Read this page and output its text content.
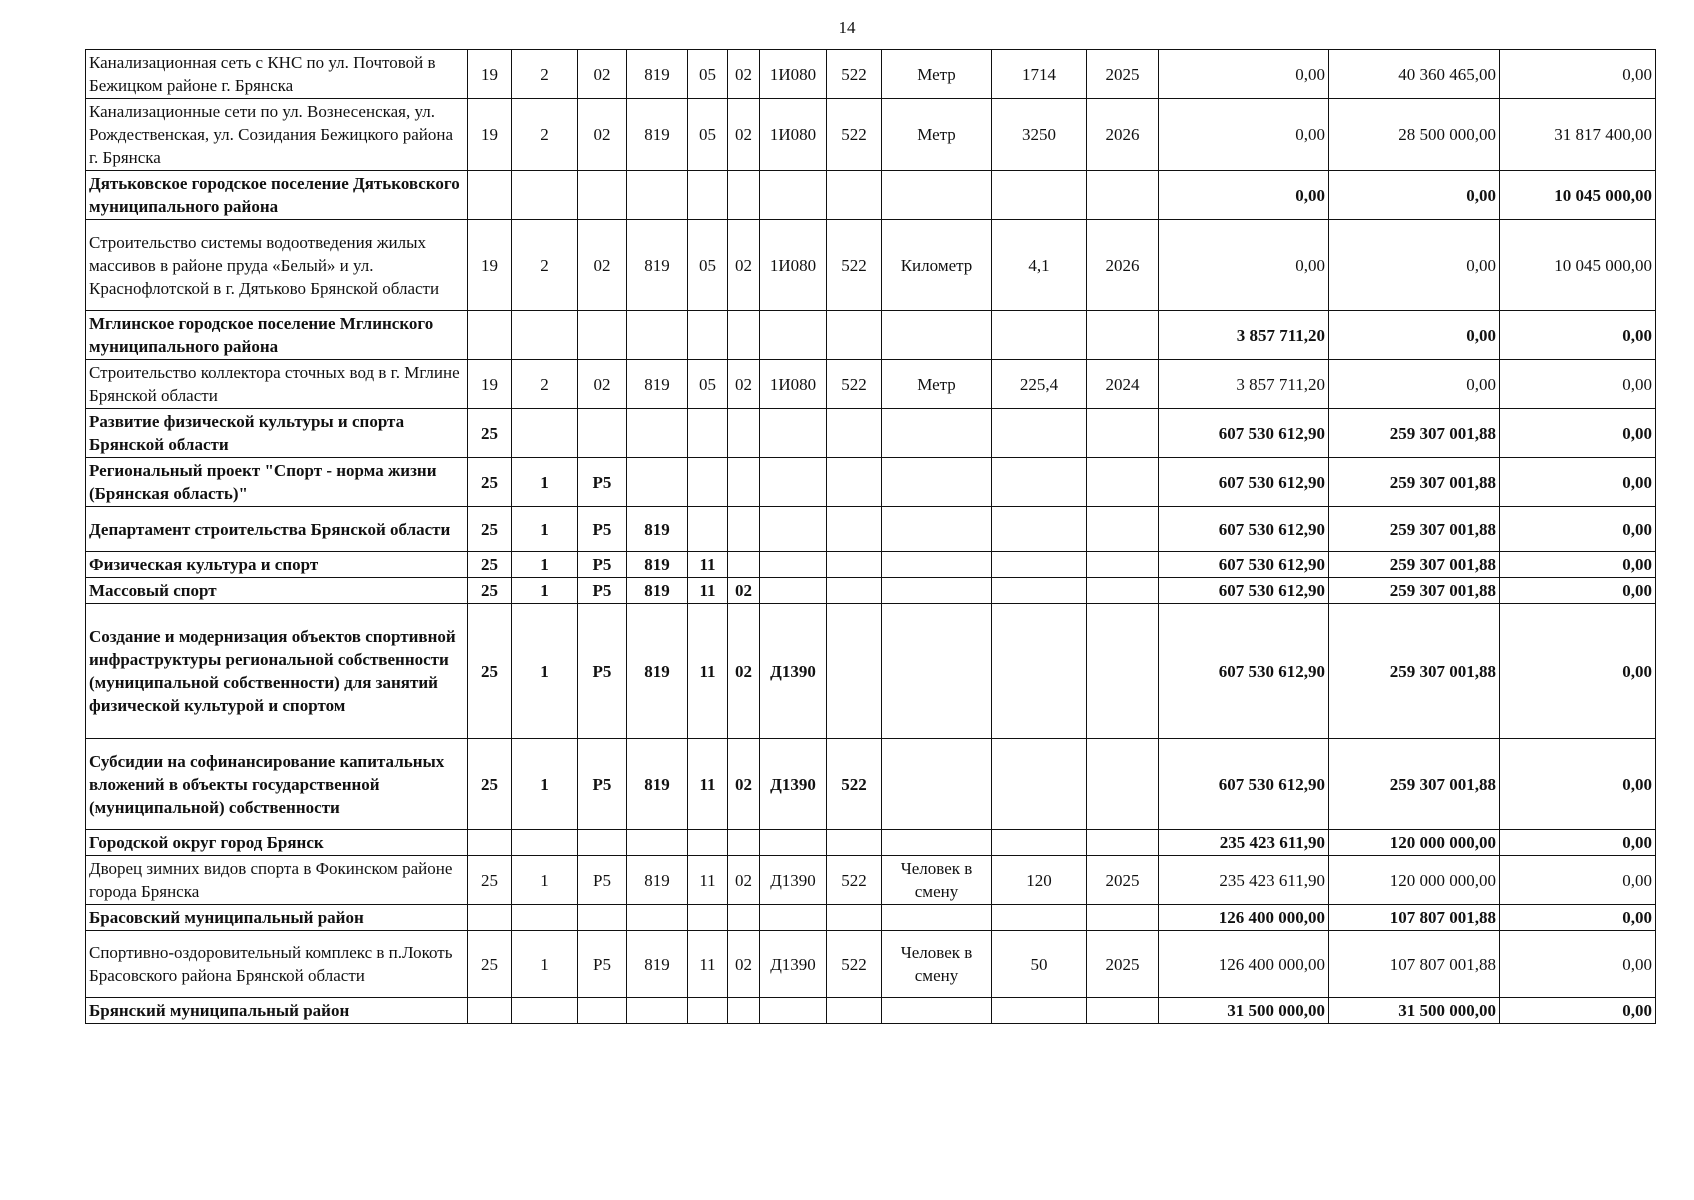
14
Канализационная сеть с КНС по ул. Почтовой в Бежицком районе г. Брянска	19	2	02	819	05	02	1И080	522	Метр	1714	2025	0,00	40 360 465,00	0,00
Канализационные сети по ул. Вознесенская, ул. Рождественская, ул. Созидания Бежицкого района г. Брянска	19	2	02	819	05	02	1И080	522	Метр	3250	2026	0,00	28 500 000,00	31 817 400,00
Дятьковское городское поселение Дятьковского муниципального района												0,00	0,00	10 045 000,00
Строительство системы водоотведения жилых массивов в районе пруда «Белый» и ул. Краснофлотской в г. Дятьково Брянской области	19	2	02	819	05	02	1И080	522	Километр	4,1	2026	0,00	0,00	10 045 000,00
Мглинское городское поселение Мглинского муниципального района												3 857 711,20	0,00	0,00
Строительство коллектора сточных вод в г. Мглине Брянской области	19	2	02	819	05	02	1И080	522	Метр	225,4	2024	3 857 711,20	0,00	0,00
Развитие физической культуры и спорта Брянской области	25											607 530 612,90	259 307 001,88	0,00
Региональный проект "Спорт - норма жизни (Брянская область)"	25	1	Р5									607 530 612,90	259 307 001,88	0,00
Департамент строительства Брянской области	25	1	Р5	819								607 530 612,90	259 307 001,88	0,00
Физическая культура и спорт	25	1	Р5	819	11							607 530 612,90	259 307 001,88	0,00
Массовый спорт	25	1	Р5	819	11	02						607 530 612,90	259 307 001,88	0,00
Создание и модернизация объектов спортивной инфраструктуры региональной собственности (муниципальной собственности) для занятий физической культурой и спортом	25	1	Р5	819	11	02	Д1390					607 530 612,90	259 307 001,88	0,00
Субсидии на софинансирование капитальных вложений в объекты государственной (муниципальной) собственности	25	1	Р5	819	11	02	Д1390	522				607 530 612,90	259 307 001,88	0,00
Городской округ город Брянск												235 423 611,90	120 000 000,00	0,00
Дворец зимних видов спорта в Фокинском районе города Брянска	25	1	Р5	819	11	02	Д1390	522	Человек в смену	120	2025	235 423 611,90	120 000 000,00	0,00
Брасовский муниципальный район												126 400 000,00	107 807 001,88	0,00
Спортивно-оздоровительный комплекс в п.Локоть Брасовского района Брянской области	25	1	Р5	819	11	02	Д1390	522	Человек в смену	50	2025	126 400 000,00	107 807 001,88	0,00
Брянский муниципальный район												31 500 000,00	31 500 000,00	0,00
